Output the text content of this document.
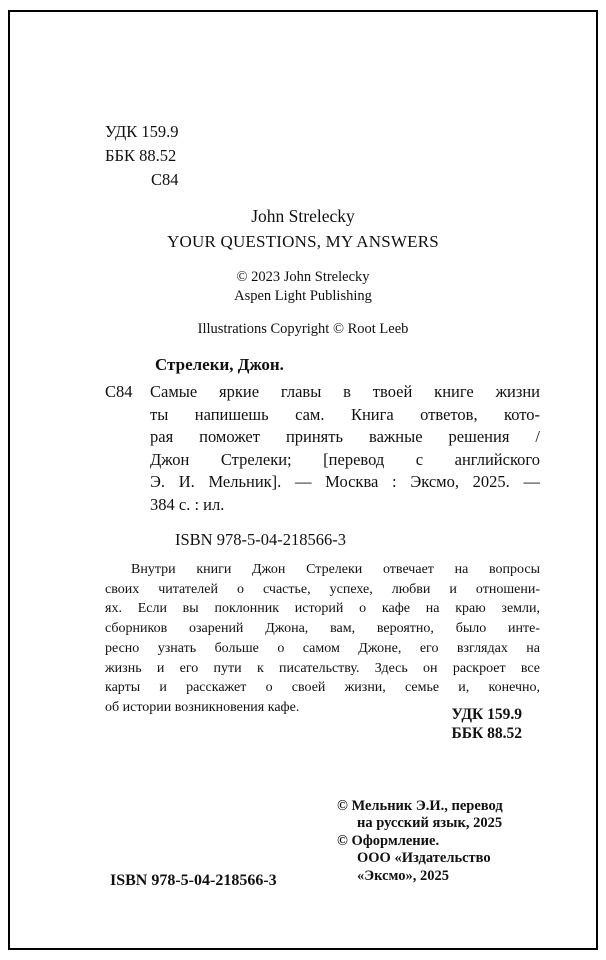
УДК 159.9
ББК 88.52
С84
John Strelecky
YOUR QUESTIONS, MY ANSWERS
© 2023 John Strelecky
Aspen Light Publishing
Illustrations Copyright © Root Leeb
Стрелеки, Джон.
С84 Самые яркие главы в твоей книге жизни
ты напишешь сам. Книга ответов, кото-
рая поможет принять важные решения /
Джон Стрелеки; [перевод с английского
Э. И. Мельник]. — Москва : Эксмо, 2025. —
384 с. : ил.
ISBN 978-5-04-218566-3
Внутри книги Джон Стрелеки отвечает на вопросы
своих читателей о счастье, успехе, любви и отношени-
ях. Если вы поклонник историй о кафе на краю земли,
сборников озарений Джона, вам, вероятно, было инте-
ресно узнать больше о самом Джоне, его взглядах на
жизнь и его пути к писательству. Здесь он раскроет все
карты и расскажет о своей жизни, семье и, конечно,
об истории возникновения кафе.	УДК 159.9
ББК 88.52
© Мельник Э.И., перевод
на русский язык, 2025
© Оформление.
ООО «Издательство
«Эксмо», 2025
ISBN 978-5-04-218566-3
